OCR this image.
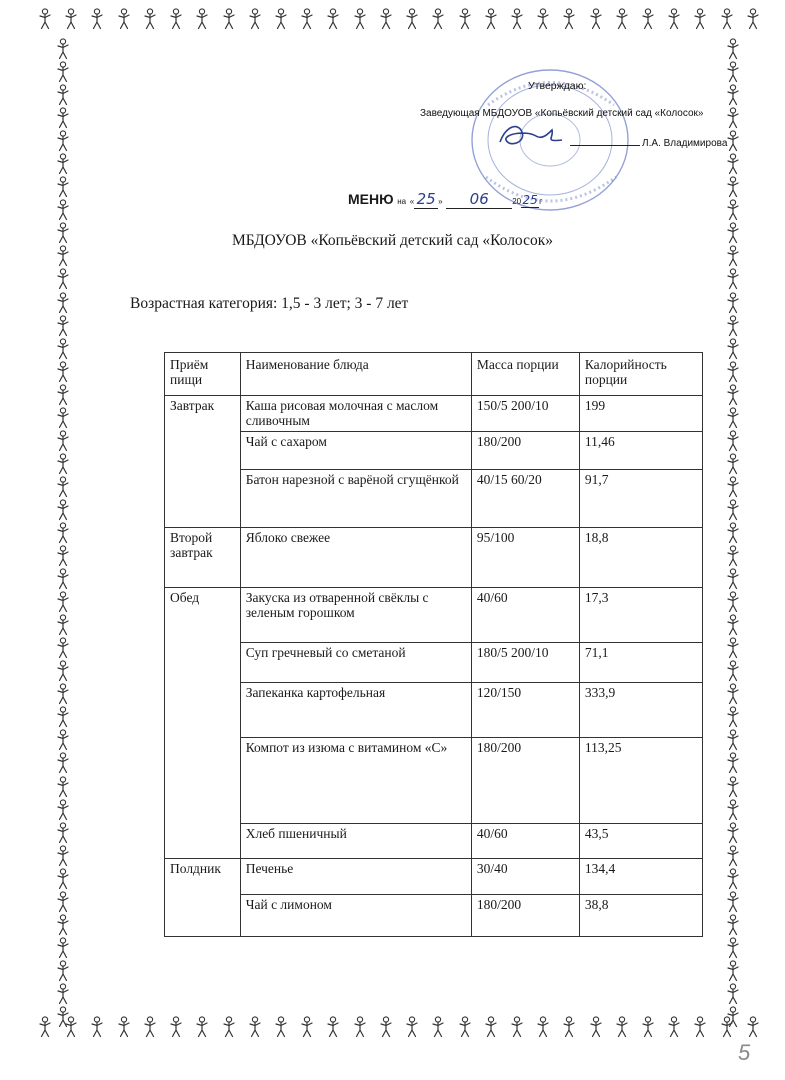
Утверждаю:
Заведующая МБДОУОВ «Копьёвский детский сад «Колосок»
Л.А. Владимирова
МЕНЮ на « 25 » 06	2025г
МБДОУОВ «Копьёвский детский сад «Колосок»
Возрастная категория: 1,5 - 3 лет; 3 - 7 лет
Приём пищи	Наименование блюда	Масса порции	Калорийность порции
Завтрак	Каша рисовая молочная с маслом сливочным	150/5 200/10	199
	Чай с сахаром	180/200	11,46
	Батон нарезной с варёной сгущёнкой	40/15 60/20	91,7
Второй завтрак	Яблоко свежее	95/100	18,8
Обед	Закуска из отваренной свёклы с зеленым горошком	40/60	17,3
	Суп гречневый со сметаной	180/5 200/10	71,1
	Запеканка картофельная	120/150	333,9
	Компот из изюма с витамином «С»	180/200	113,25
	Хлеб пшеничный	40/60	43,5
Полдник	Печенье	30/40	134,4
	Чай с лимоном	180/200	38,8
5
